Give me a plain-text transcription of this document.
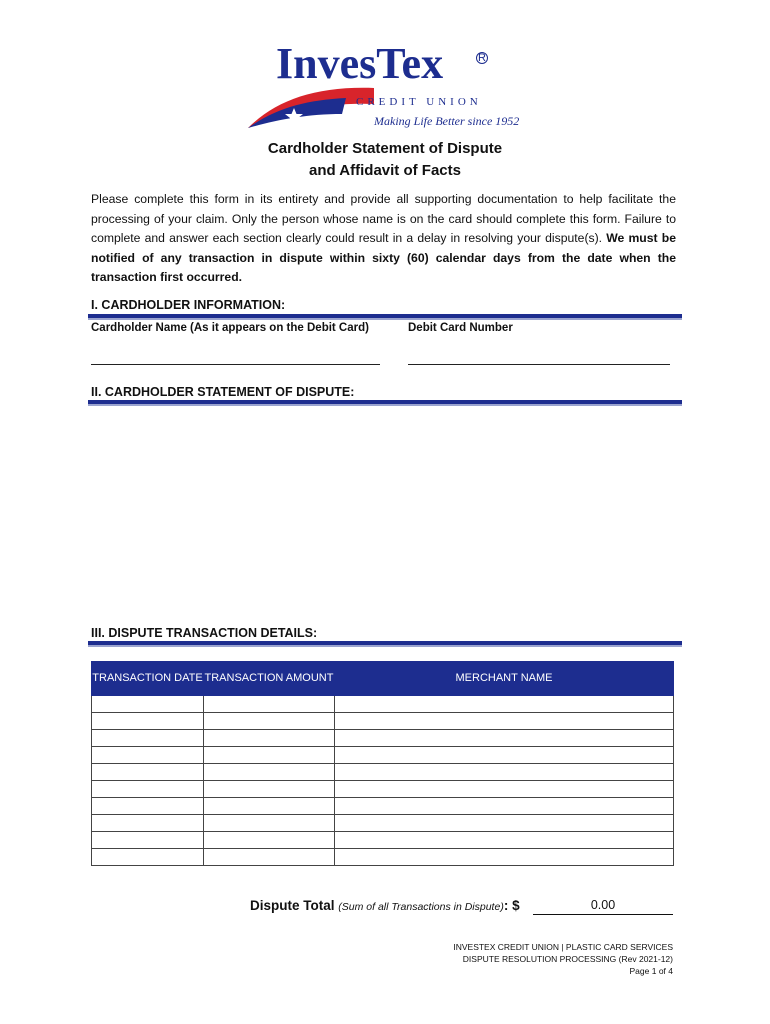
InvesTex	R
CREDIT UNION
Making Life Better since 1952
Cardholder Statement of Dispute
and Affidavit of Facts
Please complete this form in its entirety and provide all supporting documentation to help facilitate the processing of your claim. Only the person whose name is on the card should complete this form. Failure to complete and answer each section clearly could result in a delay in resolving your dispute(s). We must be notified of any transaction in dispute within sixty (60) calendar days from the date when the transaction first occurred.
I. CARDHOLDER INFORMATION:
Cardholder Name (As it appears on the Debit Card)	Debit Card Number
II. CARDHOLDER STATEMENT OF DISPUTE:
III. DISPUTE TRANSACTION DETAILS:
TRANSACTION DATE	TRANSACTION AMOUNT	MERCHANT NAME

Dispute Total (Sum of all Transactions in Dispute): $	0.00
INVESTEX CREDIT UNION | PLASTIC CARD SERVICES
DISPUTE RESOLUTION PROCESSING (Rev 2021-12)
Page 1 of 4
